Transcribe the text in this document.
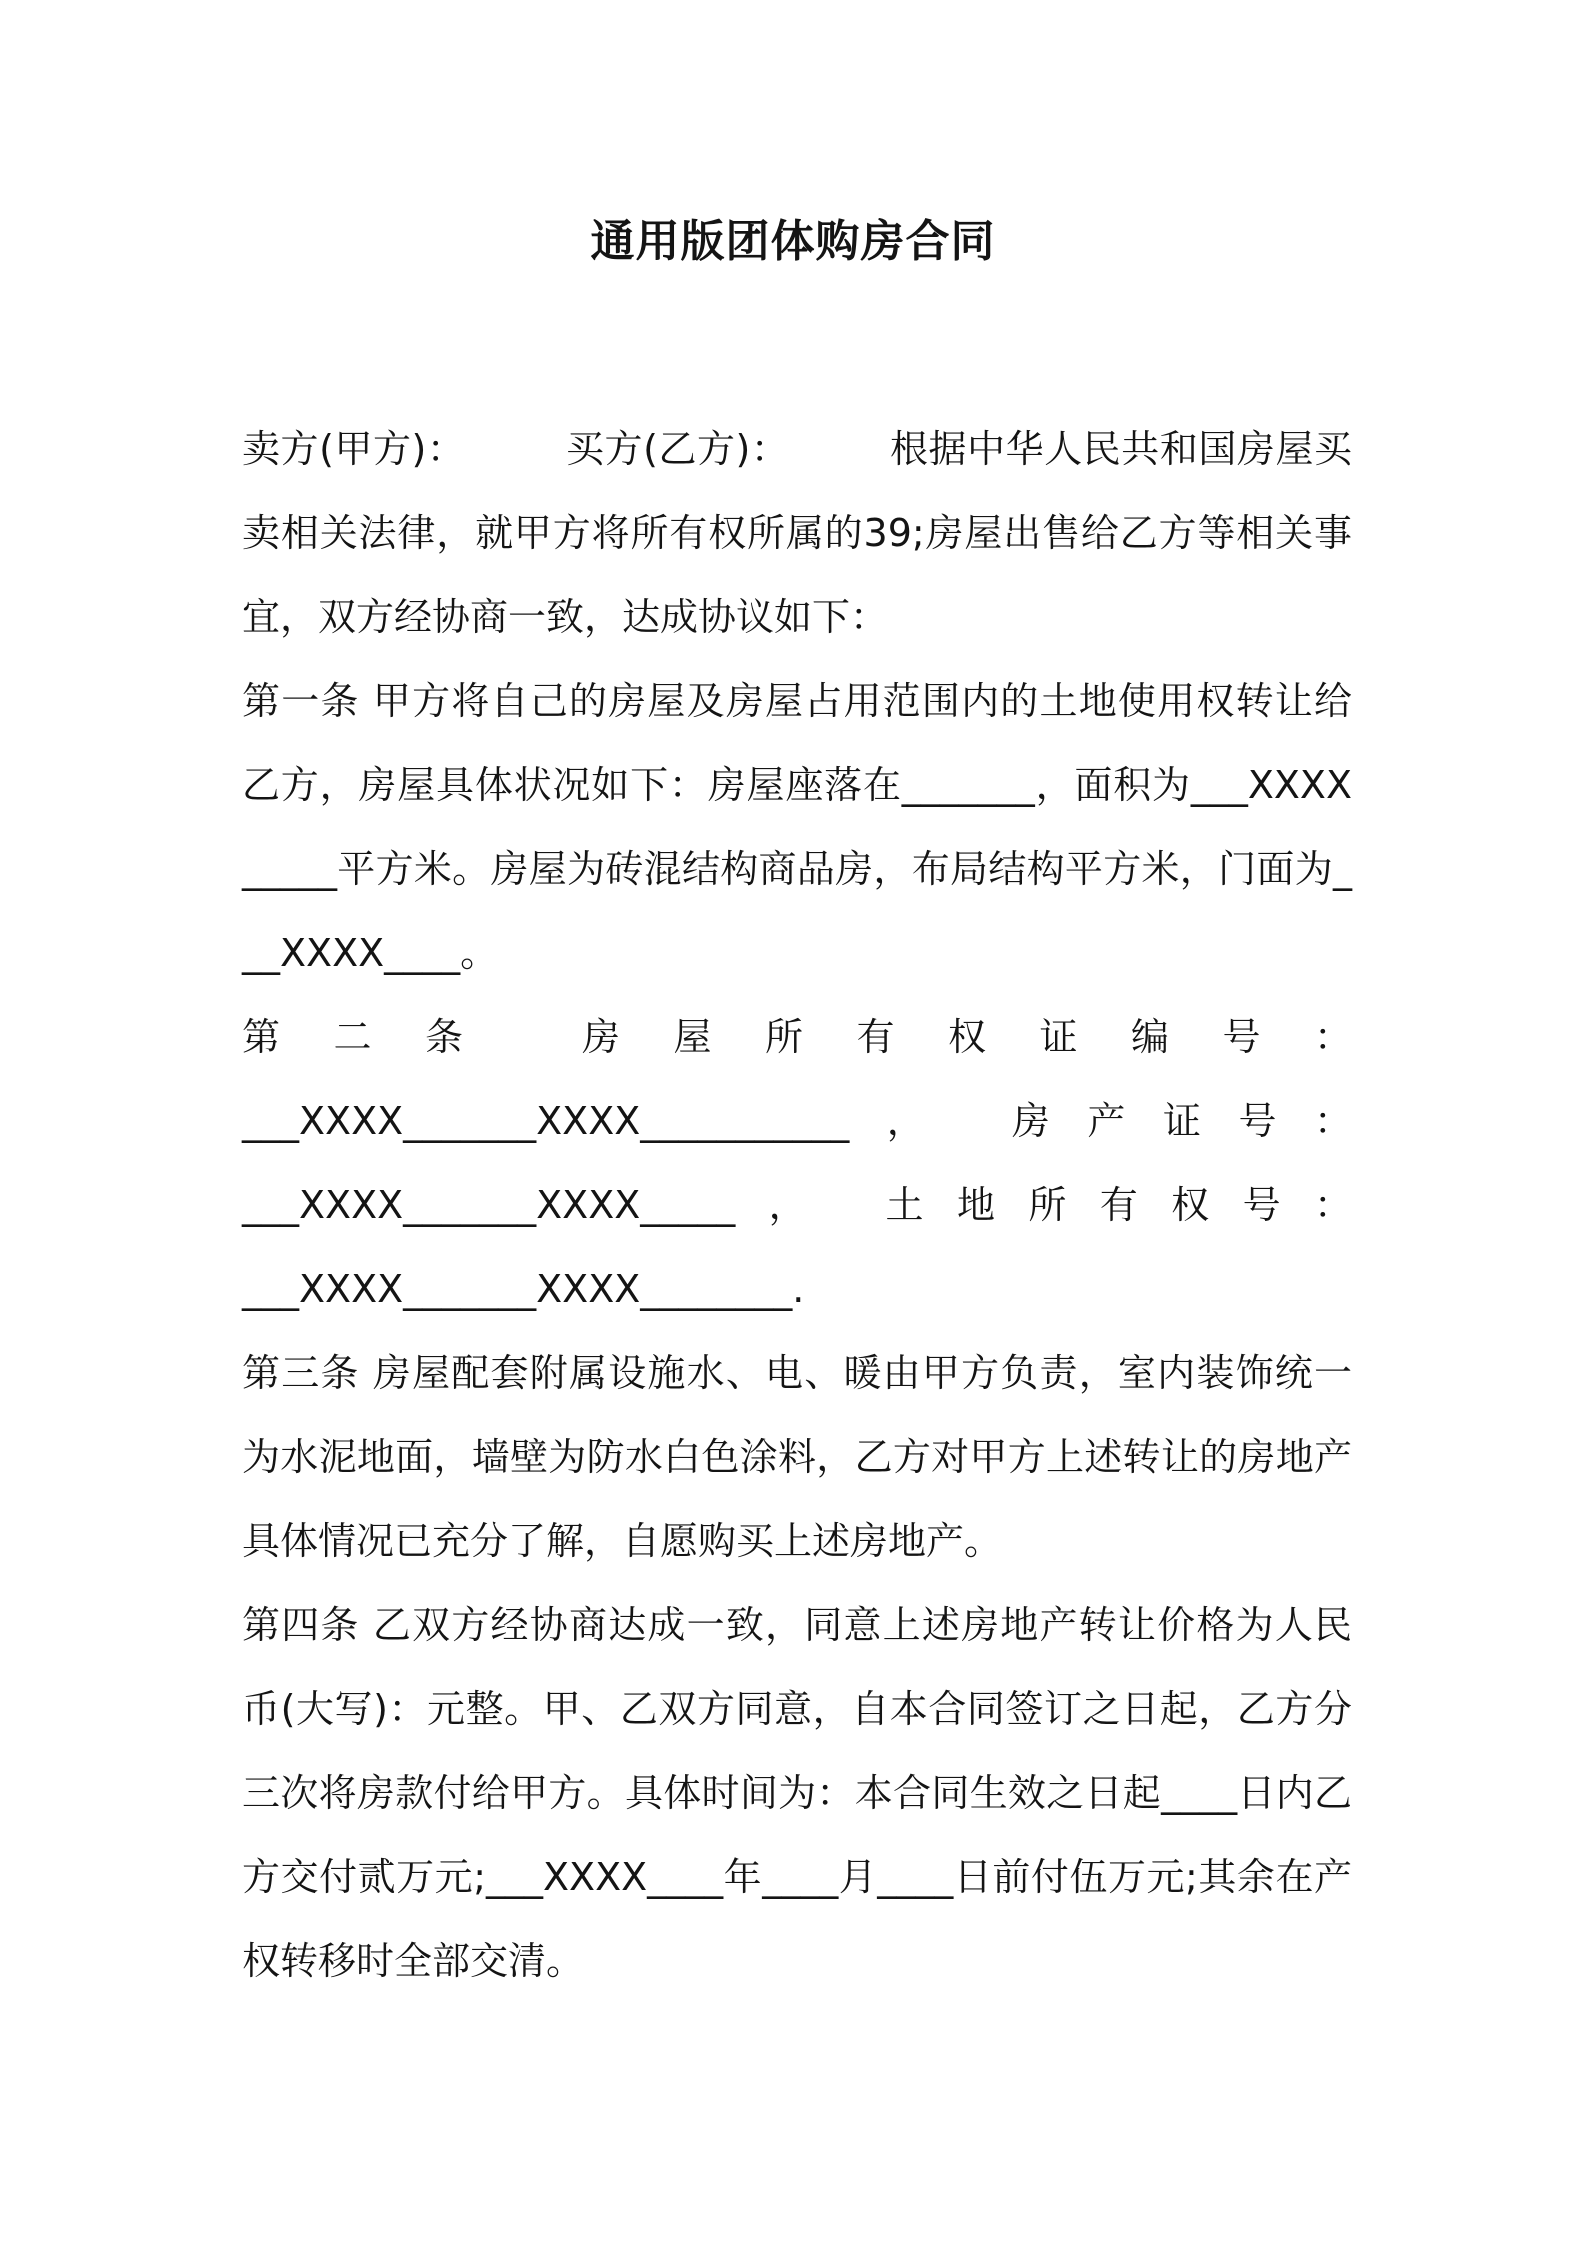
通用版团体购房合同

卖方(甲方)：	买方(乙方)：	根据中华人民共和国房屋买卖相关法律，就甲方将所有权所属的39;房屋出售给乙方等相关事宜，双方经协商一致，达成协议如下：

第一条 甲方将自己的房屋及房屋占用范围内的土地使用权转让给乙方，房屋具体状况如下：房屋座落在_______，面积为___XXXX_____平方米。房屋为砖混结构商品房，布局结构平方米，门面为___XXXX____。

第二条 房屋所有权证编号：

___XXXX_______XXXX___________， 房产证号：

___XXXX_______XXXX_____， 土地所有权号：

___XXXX_______XXXX________.

第三条 房屋配套附属设施水、电、暖由甲方负责，室内装饰统一为水泥地面，墙壁为防水白色涂料，乙方对甲方上述转让的房地产具体情况已充分了解，自愿购买上述房地产。

第四条 乙双方经协商达成一致，同意上述房地产转让价格为人民币(大写)：元整。甲、乙双方同意，自本合同签订之日起，乙方分三次将房款付给甲方。具体时间为：本合同生效之日起____日内乙方交付贰万元;___XXXX____年____月____日前付伍万元;其余在产权转移时全部交清。
